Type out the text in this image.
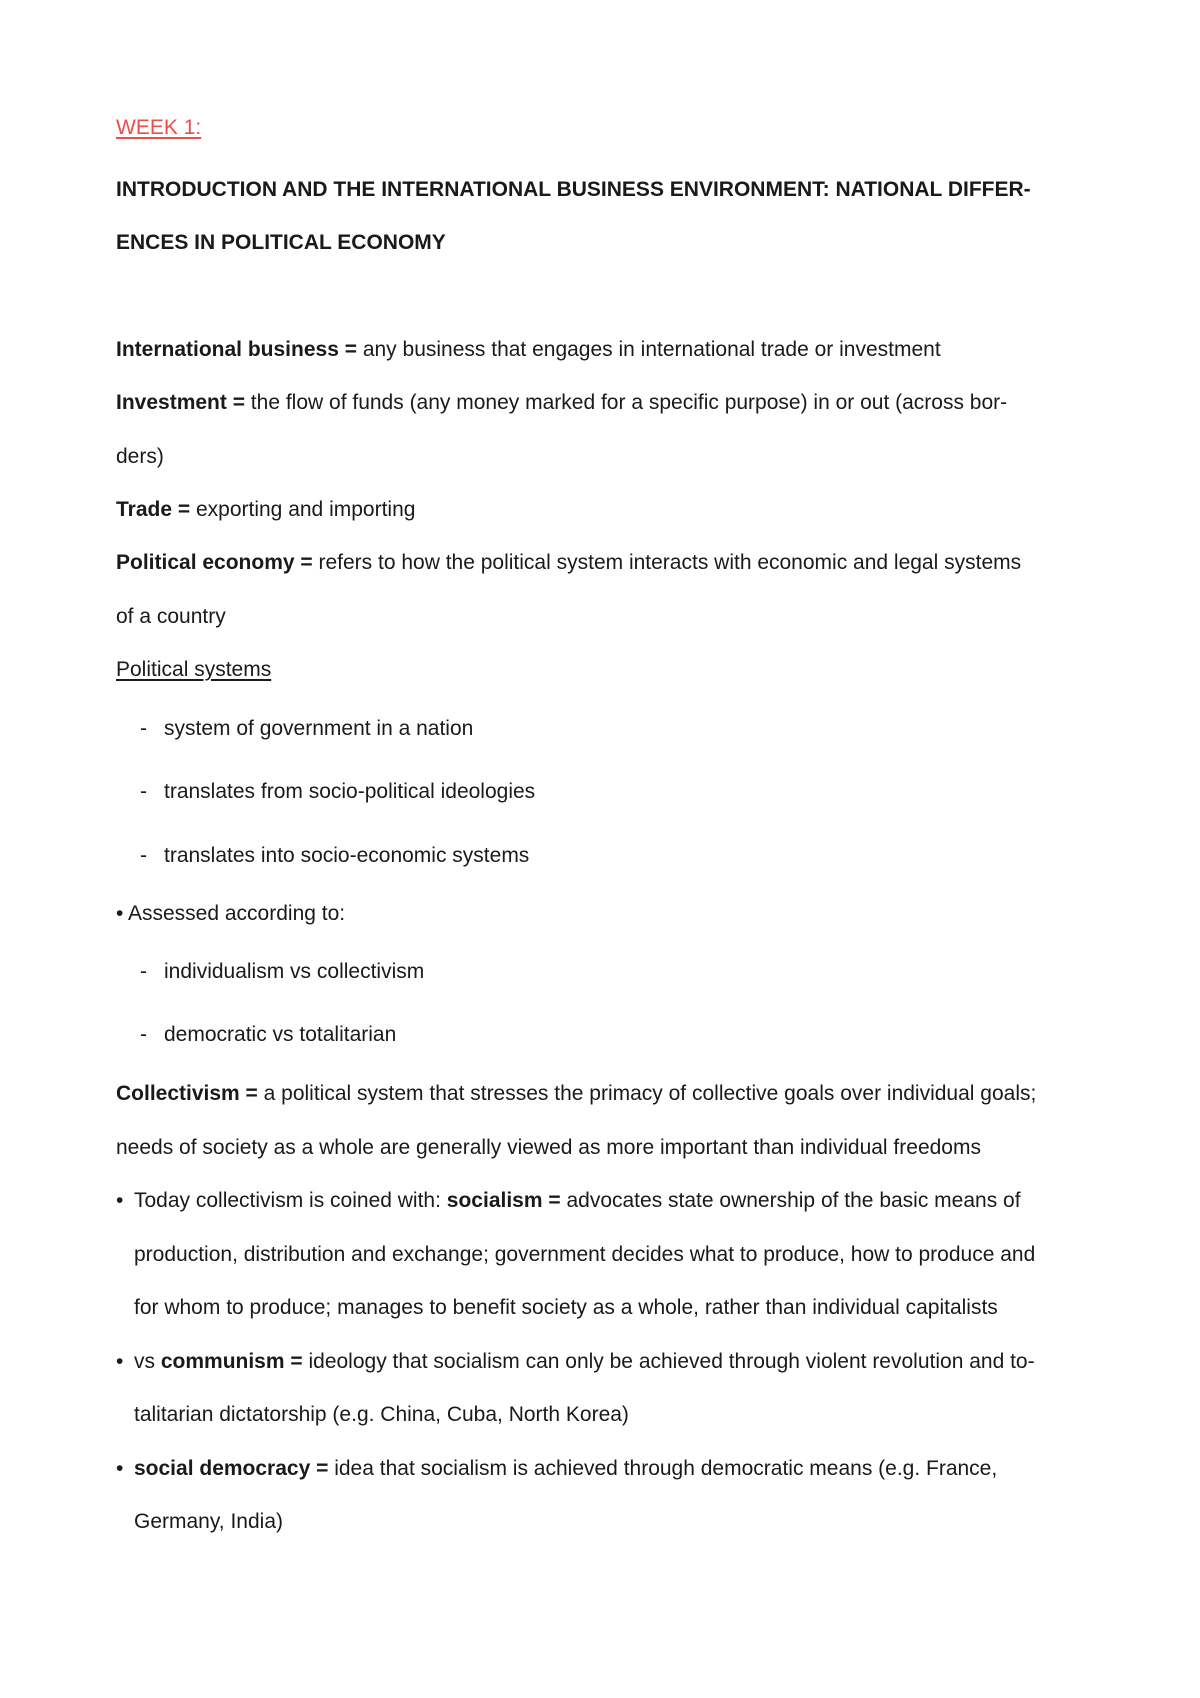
WEEK 1:
INTRODUCTION AND THE INTERNATIONAL BUSINESS ENVIRONMENT: NATIONAL DIFFER-
ENCES IN POLITICAL ECONOMY
International business = any business that engages in international trade or investment
Investment = the flow of funds (any money marked for a specific purpose) in or out (across bor-
ders)
Trade = exporting and importing
Political economy = refers to how the political system interacts with economic and legal systems
of a country
Political systems
- system of government in a nation
- translates from socio-political ideologies
- translates into socio-economic systems
• Assessed according to:
- individualism vs collectivism
- democratic vs totalitarian
Collectivism = a political system that stresses the primacy of collective goals over individual goals;
needs of society as a whole are generally viewed as more important than individual freedoms
• Today collectivism is coined with: socialism = advocates state ownership of the basic means of
production, distribution and exchange; government decides what to produce, how to produce and
for whom to produce; manages to benefit society as a whole, rather than individual capitalists
• vs communism = ideology that socialism can only be achieved through violent revolution and to-
talitarian dictatorship (e.g. China, Cuba, North Korea)
• social democracy = idea that socialism is achieved through democratic means (e.g. France,
Germany, India)
